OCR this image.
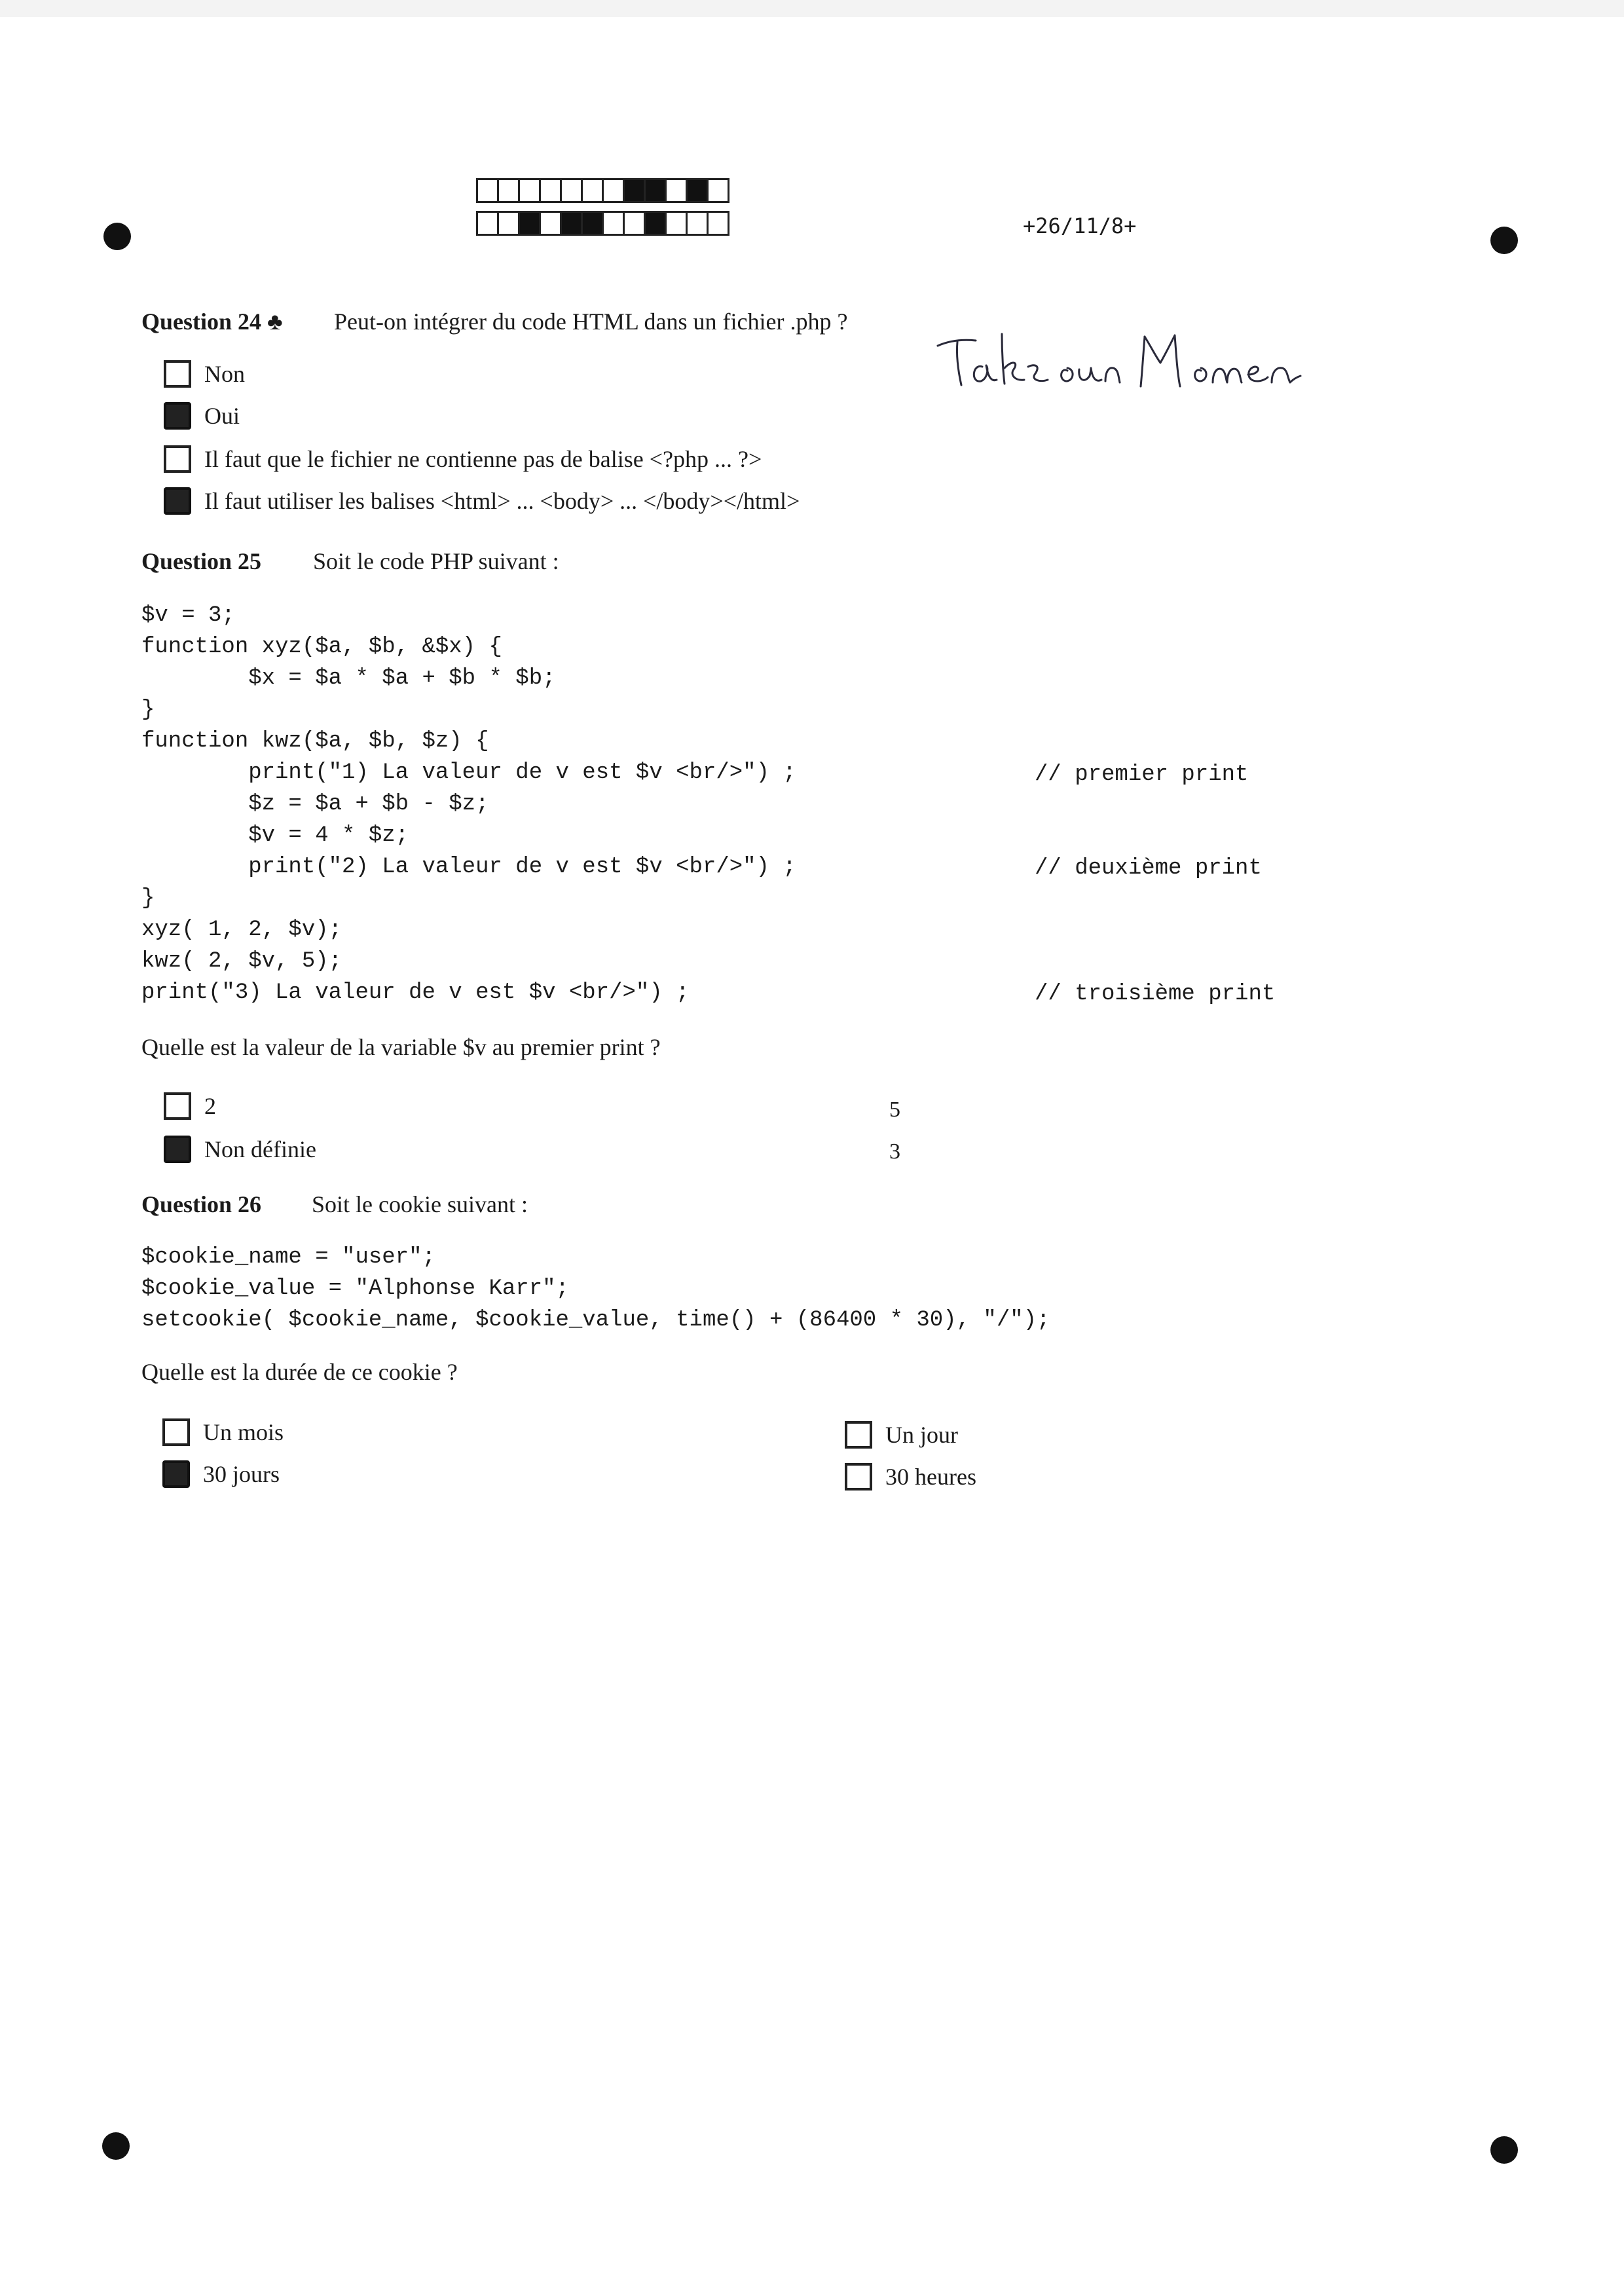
+26/11/8+
Question 24 ♣ Peut-on intégrer du code HTML dans un fichier .php ?
Non
Oui
Il faut que le fichier ne contienne pas de balise <?php ... ?>
Il faut utiliser les balises <html> ... <body> ... </body></html>
Question 25 Soit le code PHP suivant :
$v = 3;
function xyz($a, $b, &$x) {
$x = $a * $a + $b * $b;
}
function kwz($a, $b, $z) {
print("1) La valeur de v est $v <br/>") ;
$z = $a + $b - $z;
$v = 4 * $z;
print("2) La valeur de v est $v <br/>") ;
}
xyz( 1, 2, $v);
kwz( 2, $v, 5);
print("3) La valeur de v est $v <br/>") ;
// premier print
// deuxième print
// troisième print
Quelle est la valeur de la variable $v au premier print ?
2
Non définie
5
3
Question 26 Soit le cookie suivant :
$cookie_name = "user";
$cookie_value = "Alphonse Karr";
setcookie( $cookie_name, $cookie_value, time() + (86400 * 30), "/");
Quelle est la durée de ce cookie ?
Un mois
30 jours
Un jour
30 heures
